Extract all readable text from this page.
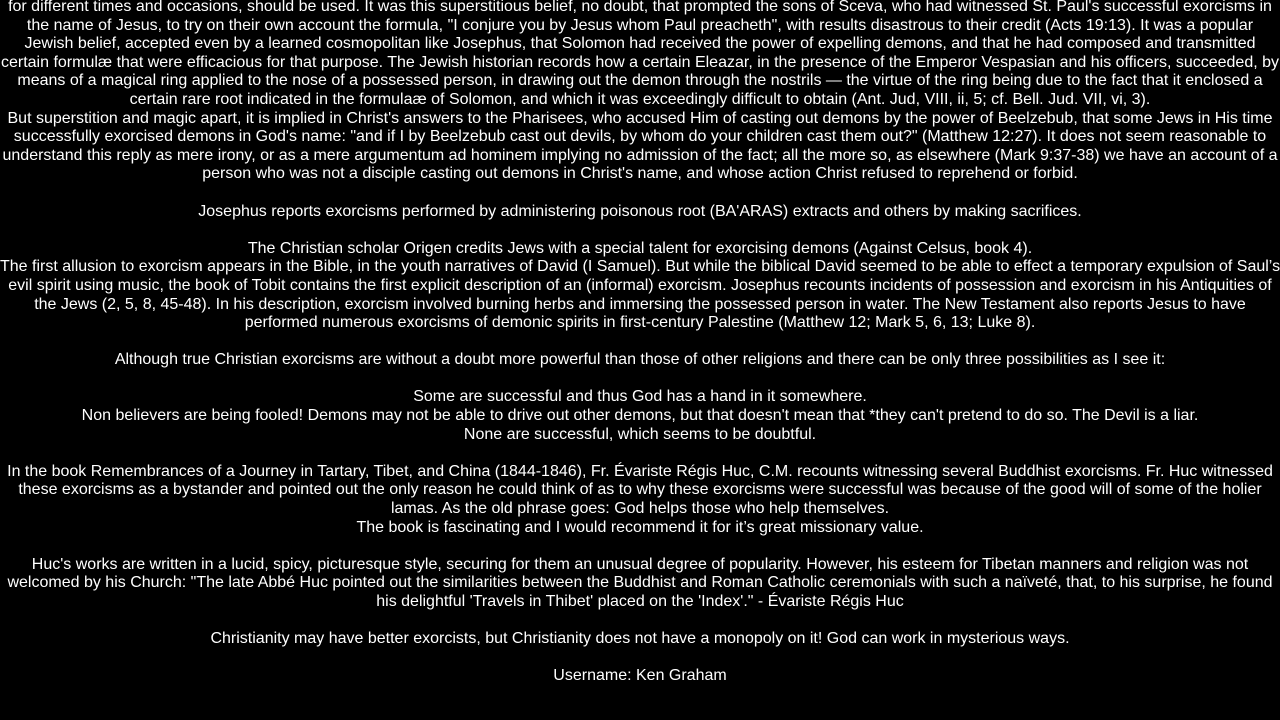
for different times and occasions, should be used. It was this superstitious belief, no doubt, that prompted the sons of Sceva, who had witnessed St. Paul's successful exorcisms in
the name of Jesus, to try on their own account the formula, "I conjure you by Jesus whom Paul preacheth", with results disastrous to their credit (Acts 19:13). It was a popular
Jewish belief, accepted even by a learned cosmopolitan like Josephus, that Solomon had received the power of expelling demons, and that he had composed and transmitted
certain formulæ that were efficacious for that purpose. The Jewish historian records how a certain Eleazar, in the presence of the Emperor Vespasian and his officers, succeeded, by
means of a magical ring applied to the nose of a possessed person, in drawing out the demon through the nostrils — the virtue of the ring being due to the fact that it enclosed a
certain rare root indicated in the formulaæ of Solomon, and which it was exceedingly difficult to obtain (Ant. Jud, VIII, ii, 5; cf. Bell. Jud. VII, vi, 3).
But superstition and magic apart, it is implied in Christ's answers to the Pharisees, who accused Him of casting out demons by the power of Beelzebub, that some Jews in His time
successfully exorcised demons in God's name: "and if I by Beelzebub cast out devils, by whom do your children cast them out?" (Matthew 12:27). It does not seem reasonable to
understand this reply as mere irony, or as a mere argumentum ad hominem implying no admission of the fact; all the more so, as elsewhere (Mark 9:37-38) we have an account of a
person who was not a disciple casting out demons in Christ's name, and whose action Christ refused to reprehend or forbid.
Josephus reports exorcisms performed by administering poisonous root (BA'ARAS) extracts and others by making sacrifices.
The Christian scholar Origen credits Jews with a special talent for exorcising demons (Against Celsus, book 4).
The first allusion to exorcism appears in the Bible, in the youth narratives of David (I Samuel). But while the biblical David seemed to be able to effect a temporary expulsion of Saul’s
evil spirit using music, the book of Tobit contains the first explicit description of an (informal) exorcism. Josephus recounts incidents of possession and exorcism in his Antiquities of
the Jews (2, 5, 8, 45-48). In his description, exorcism involved burning herbs and immersing the possessed person in water. The New Testament also reports Jesus to have
performed numerous exorcisms of demonic spirits in first-century Palestine (Matthew 12; Mark 5, 6, 13; Luke 8).
Although true Christian exorcisms are without a doubt more powerful than those of other religions and there can be only three possibilities as I see it:
Some are successful and thus God has a hand in it somewhere.
Non believers are being fooled! Demons may not be able to drive out other demons, but that doesn't mean that *they can't pretend to do so. The Devil is a liar.
None are successful, which seems to be doubtful.
In the book Remembrances of a Journey in Tartary, Tibet, and China (1844-1846), Fr. Évariste Régis Huc, C.M. recounts witnessing several Buddhist exorcisms. Fr. Huc witnessed
these exorcisms as a bystander and pointed out the only reason he could think of as to why these exorcisms were successful was because of the good will of some of the holier
lamas. As the old phrase goes: God helps those who help themselves.
The book is fascinating and I would recommend it for it’s great missionary value.
Huc's works are written in a lucid, spicy, picturesque style, securing for them an unusual degree of popularity. However, his esteem for Tibetan manners and religion was not
welcomed by his Church: "The late Abbé Huc pointed out the similarities between the Buddhist and Roman Catholic ceremonials with such a naïveté, that, to his surprise, he found
his delightful 'Travels in Thibet' placed on the 'Index'." - Évariste Régis Huc
Christianity may have better exorcists, but Christianity does not have a monopoly on it! God can work in mysterious ways.
Username: Ken Graham
